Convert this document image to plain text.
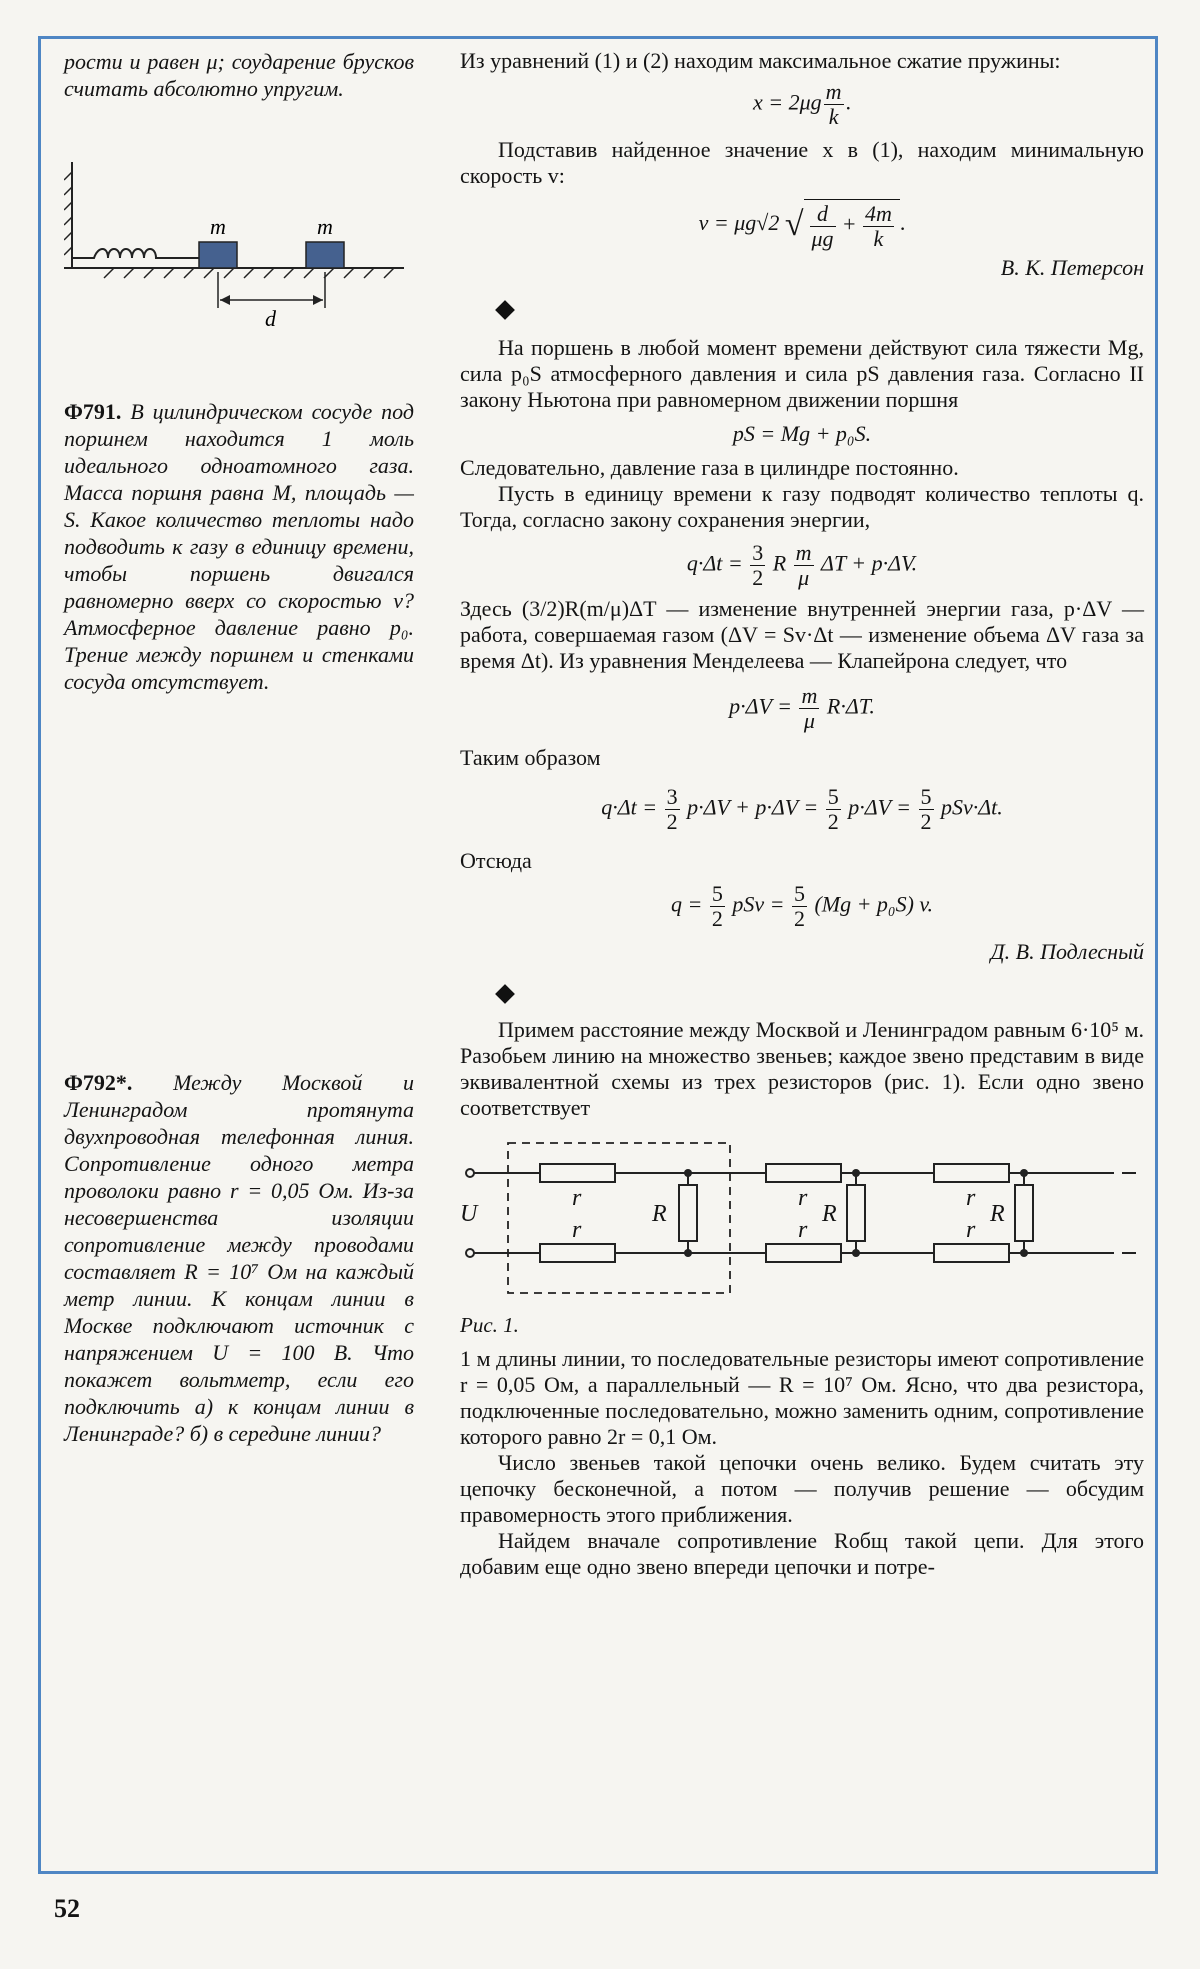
рости и равен μ; соударение брусков считать абсолютно упругим.

m	m
d

Ф791. В цилиндрическом сосуде под поршнем находится 1 моль идеального одноатомного газа. Масса поршня равна M, площадь — S. Какое количество теплоты надо подводить к газу в единицу времени, чтобы поршень двигался равномерно вверх со скоростью v? Атмосферное давление равно p₀. Трение между поршнем и стенками сосуда отсутствует.

Ф792*. Между Москвой и Ленинградом протянута двухпроводная телефонная линия. Сопротивление одного метра проволоки равно r = 0,05 Ом. Из-за несовершенства изоляции сопротивление между проводами составляет R = 10⁷ Ом на каждый метр линии. К концам линии в Москве подключают источник с напряжением U = 100 В. Что покажет вольтметр, если его подключить а) к концам линии в Ленинграде? б) в середине линии?

Из уравнений (1) и (2) находим максимальное сжатие пружины:

$x = 2\mu g \frac{m}{k}$ .

Подставив найденное значение x в (1), находим минимальную скорость v:

v = μg√2 √ $\frac{d}{\mu g} + \frac{4m}{k}$ .

В. К. Петерсон

На поршень в любой момент времени действуют сила тяжести Mg, сила p₀S атмосферного давления и сила pS давления газа. Согласно II закону Ньютона при равномерном движении поршня

pS = Mg + p₀S.

Следовательно, давление газа в цилиндре постоянно.

Пусть в единицу времени к газу подводят количество теплоты q. Тогда, согласно закону сохранения энергии,

$q\cdot\Delta t = \frac{3}{2}$ R $\frac{m}{\mu}$ ΔT + p·ΔV.

Здесь (3/2)R(m/μ)ΔT — изменение внутренней энергии газа, p·ΔV — работа, совершаемая газом (ΔV = Sv·Δt — изменение объема ΔV газа за время Δt). Из уравнения Менделеева — Клапейрона следует, что

$p\cdot\Delta V = \frac{m}{\mu} R\cdot\Delta T$.

Таким образом

$q\cdot\Delta t = \frac{3}{2} p\cdot\Delta V + p\cdot\Delta V = \frac{5}{2} p\cdot\Delta V = \frac{5}{2} pSv\cdot\Delta t$.

Отсюда

$q = \frac{5}{2}$ pSv = $\frac{5}{2} (Mg + p_0S)$ v.

Д. В. Подлесный

Примем расстояние между Москвой и Ленинградом равным 6·10⁵ м. Разобьем линию на множество звеньев; каждое звено представим в виде эквивалентной схемы из трех резисторов (рис. 1). Если одно звено соответствует

U
r
r
R
r
r
R
r
r
R

Рис. 1.

1 м длины линии, то последовательные резисторы имеют сопротивление r = 0,05 Ом, а параллельный — R = 10⁷ Ом. Ясно, что два резистора, подключенные последовательно, можно заменить одним, сопротивление которого равно 2r = 0,1 Ом.

Число звеньев такой цепочки очень велико. Будем считать эту цепочку бесконечной, а потом — получив решение — обсудим правомерность этого приближения.

Найдем вначале сопротивление Rобщ такой цепи. Для этого добавим еще одно звено впереди цепочки и потре-

52
